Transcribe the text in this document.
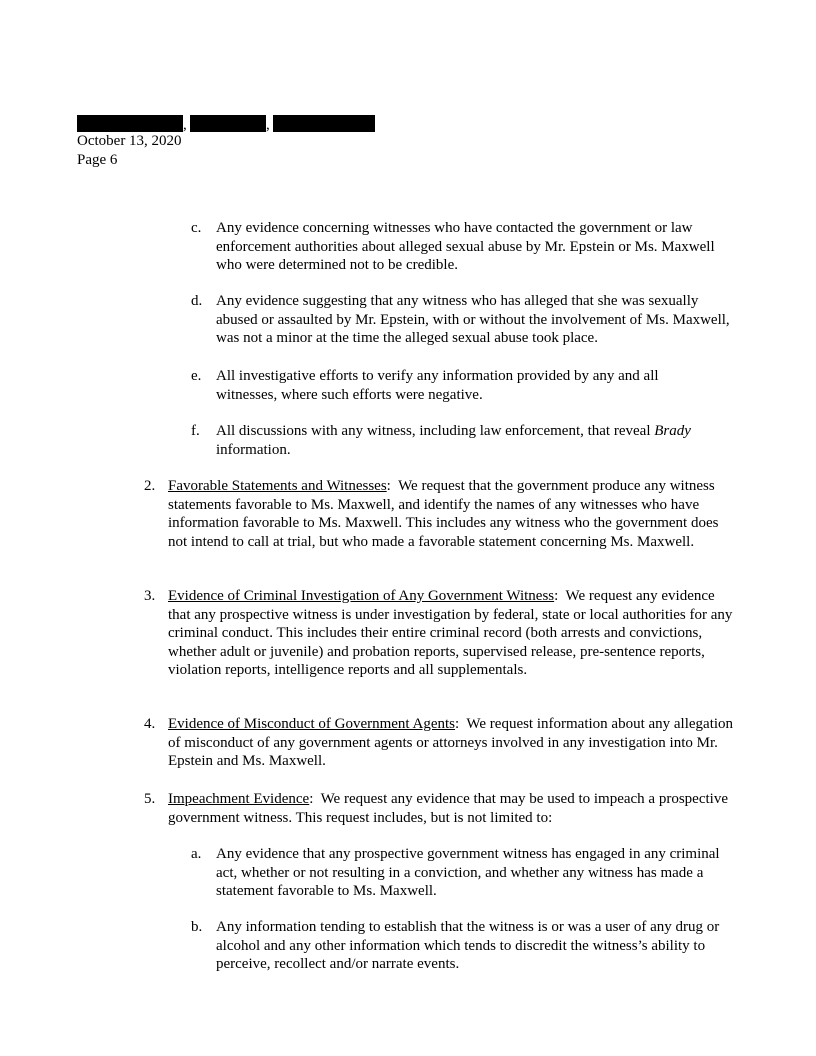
,	,
October 13, 2020
Page 6
c. Any evidence concerning witnesses who have contacted the government or law enforcement authorities about alleged sexual abuse by Mr. Epstein or Ms. Maxwell who were determined not to be credible.
d. Any evidence suggesting that any witness who has alleged that she was sexually abused or assaulted by Mr. Epstein, with or without the involvement of Ms. Maxwell, was not a minor at the time the alleged sexual abuse took place.
e. All investigative efforts to verify any information provided by any and all witnesses, where such efforts were negative.
f.	All discussions with any witness, including law enforcement, that reveal Brady information.
2. Favorable Statements and Witnesses:  We request that the government produce any witness statements favorable to Ms. Maxwell, and identify the names of any witnesses who have information favorable to Ms. Maxwell. This includes any witness who the government does not intend to call at trial, but who made a favorable statement concerning Ms. Maxwell.
3. Evidence of Criminal Investigation of Any Government Witness:  We request any evidence that any prospective witness is under investigation by federal, state or local authorities for any criminal conduct. This includes their entire criminal record (both arrests and convictions, whether adult or juvenile) and probation reports, supervised release, pre-sentence reports, violation reports, intelligence reports and all supplementals.
4. Evidence of Misconduct of Government Agents:  We request information about any allegation of misconduct of any government agents or attorneys involved in any investigation into Mr. Epstein and Ms. Maxwell.
5. Impeachment Evidence:  We request any evidence that may be used to impeach a prospective government witness. This request includes, but is not limited to:
a. Any evidence that any prospective government witness has engaged in any criminal act, whether or not resulting in a conviction, and whether any witness has made a statement favorable to Ms. Maxwell.
b. Any information tending to establish that the witness is or was a user of any drug or alcohol and any other information which tends to discredit the witness’s ability to perceive, recollect and/or narrate events.
